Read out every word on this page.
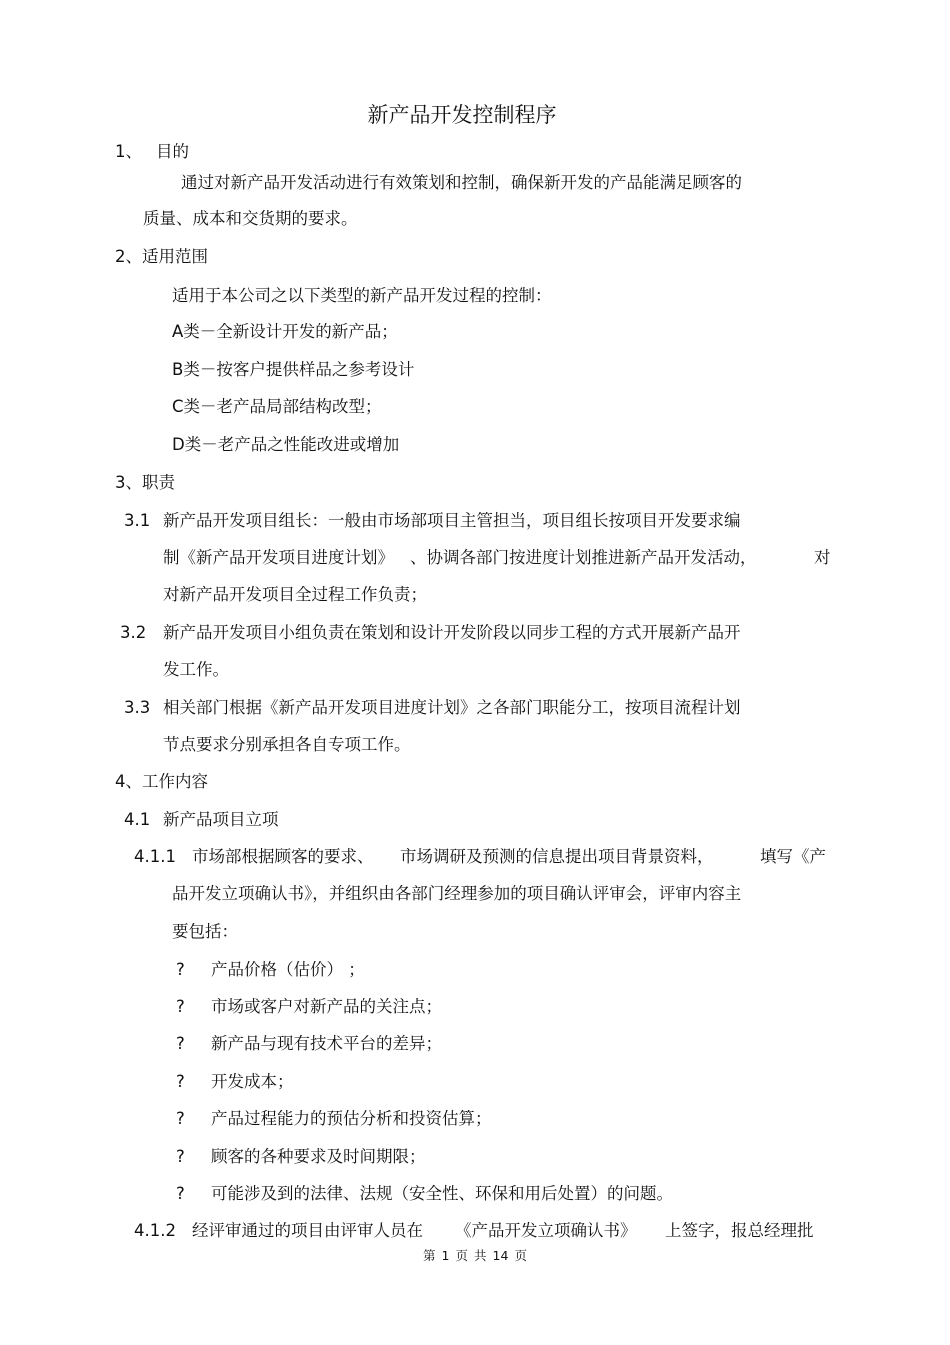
新产品开发控制程序
1、 目的
通过对新产品开发活动进行有效策划和控制，确保新开发的产品能满足顾客的
质量、成本和交货期的要求。
2、适用范围
适用于本公司之以下类型的新产品开发过程的控制：
A类－全新设计开发的新产品；
B类－按客户提供样品之参考设计
C类－老产品局部结构改型；
D类－老产品之性能改进或增加
3、职责
3.1 新产品开发项目组长：一般由市场部项目主管担当，项目组长按项目开发要求编
制《新产品开发项目进度计划》 、协调各部门按进度计划推进新产品开发活动，	对
对新产品开发项目全过程工作负责；
3.2 新产品开发项目小组负责在策划和设计开发阶段以同步工程的方式开展新产品开
发工作。
3.3 相关部门根据《新产品开发项目进度计划》之各部门职能分工，按项目流程计划
节点要求分别承担各自专项工作。
4、工作内容
4.1 新产品项目立项
4.1.1 市场部根据顾客的要求、 市场调研及预测的信息提出项目背景资料，	填写《产
品开发立项确认书》，并组织由各部门经理参加的项目确认评审会，评审内容主
要包括：
? 产品价格（估价） ；
? 市场或客户对新产品的关注点；
? 新产品与现有技术平台的差异；
? 开发成本；
? 产品过程能力的预估分析和投资估算；
? 顾客的各种要求及时间期限；
? 可能涉及到的法律、法规（安全性、环保和用后处置）的问题。
4.1.2 经评审通过的项目由评审人员在 《产品开发立项确认书》 上签字，报总经理批
第 1 页 共 14 页
